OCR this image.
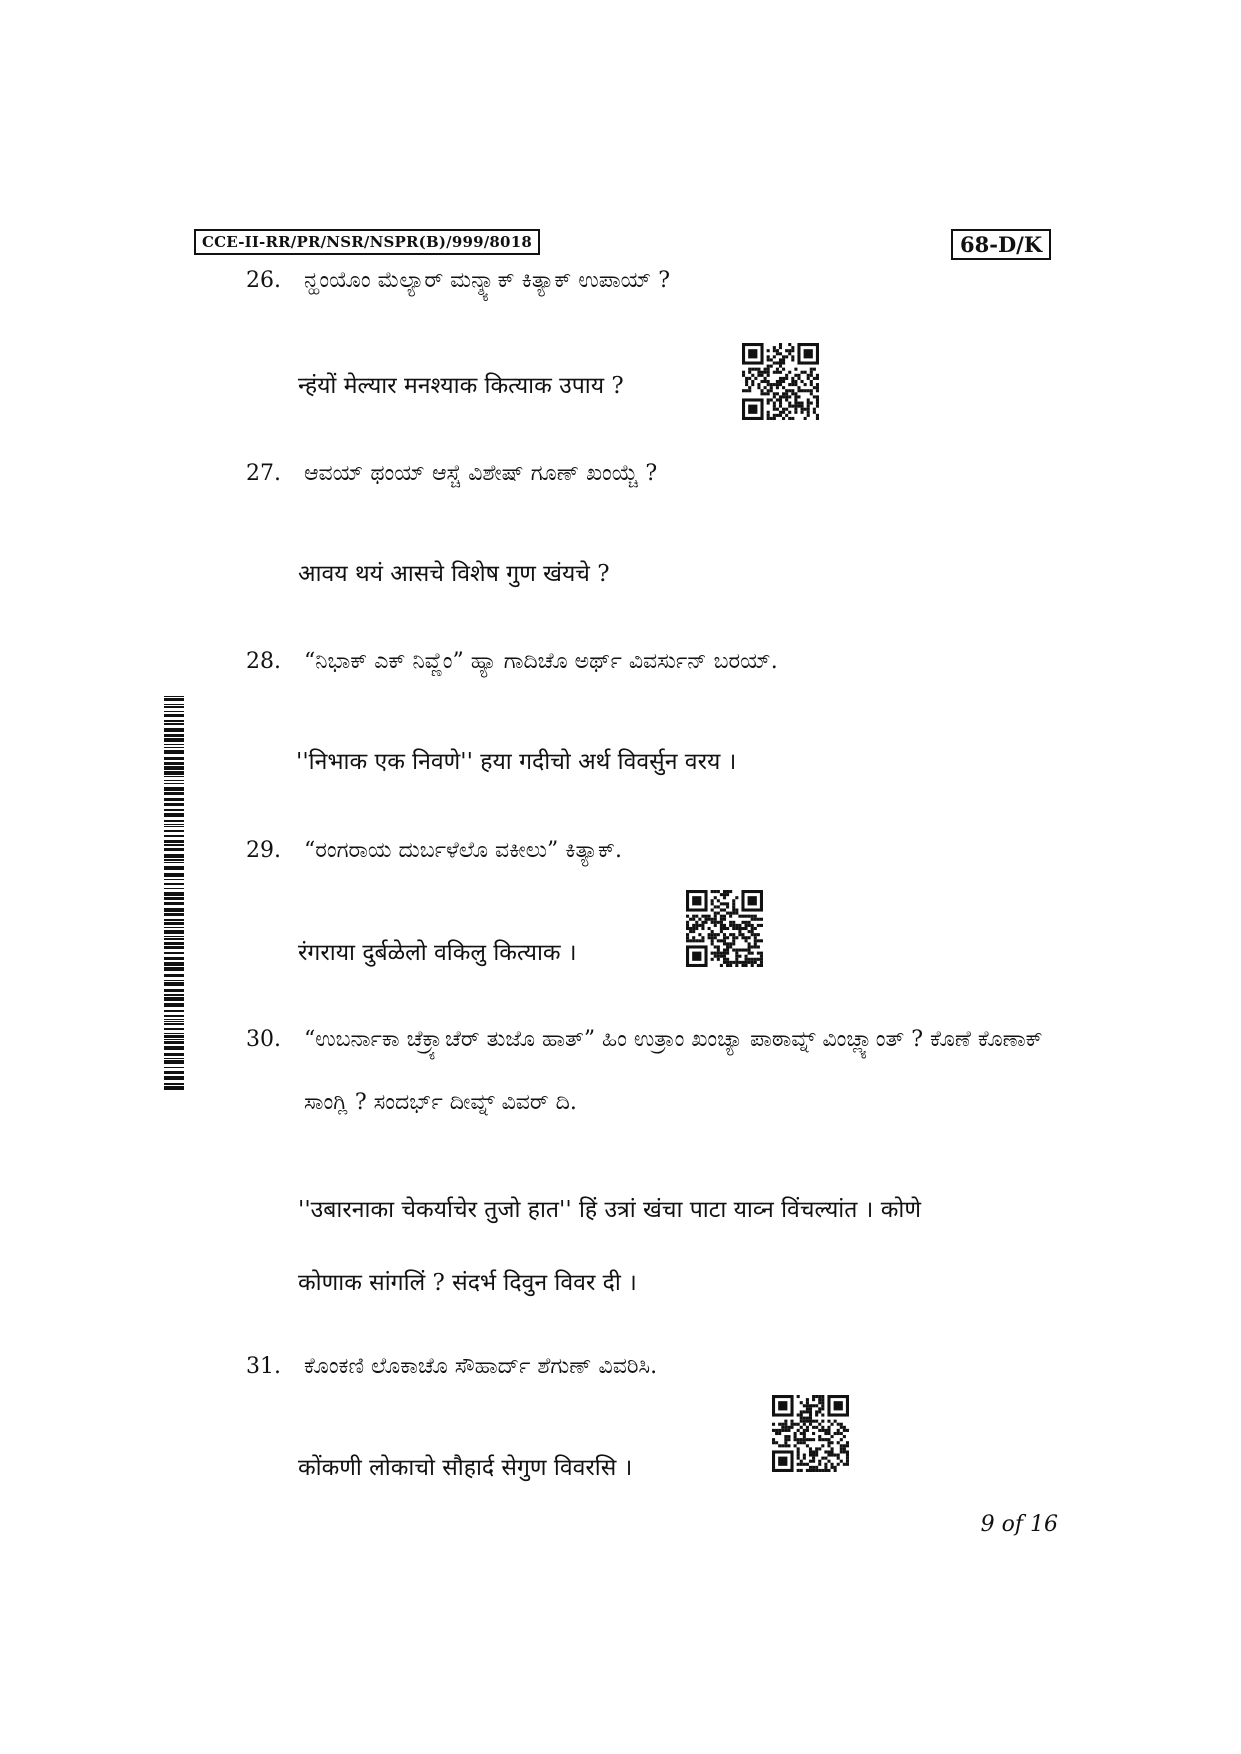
CCE-II-RR/PR/NSR/NSPR(B)/999/8018	68-D/K
26.	ನ್ಹಂಯೊಂ ಮೆಲ್ಯಾರ್ ಮನ್ಶ್ಯಾಕ್ ಕಿತ್ಯಾಕ್ ಉಪಾಯ್ ?
न्हंयों मेल्यार मनश्याक कित्याक उपाय ?
27.	ಆವಯ್ ಥಂಯ್ ಆಸ್ಚೆ ವಿಶೇಷ್ ಗೂಣ್ ಖಂಯ್ಚೆ ?
आवय थयं आसचे विशेष गुण खंयचे ?
28.	“ನಿಭಾಕ್ ಎಕ್ ನಿವ್ಣೆಂ” ಹ್ಯಾ ಗಾದಿಚೊ ಅರ್ಥ್ ವಿವರ್ಸುನ್ ಬರಯ್.
''निभाक एक निवणे'' हया गदीचो अर्थ विवर्सुन वरय ।
29.	“ರಂಗರಾಯ ದುರ್ಬಳೆಲೊ ವಕೀಲು” ಕಿತ್ಯಾಕ್.
रंगराया दुर्बळेलो वकिलु कित्याक ।
30.	“ಉಬರ್ನಾಕಾ ಚೆಕ್ರ್ಯಾಚೆರ್ ತುಜೊ ಹಾತ್” ಹಿಂ ಉತ್ರಾಂ ಖಂಚ್ಯಾ ಪಾಠಾವ್ನ್ ವಿಂಚ್ಲ್ಯಾಂತ್ ? ಕೊಣೆ ಕೊಣಾಕ್ ಸಾಂಗ್ಲಿ ? ಸಂದರ್ಭ್ ದೀವ್ನ್ ವಿವರ್ ದಿ.
''उबारनाका चेकर्याचेर तुजो हात'' हिं उत्रां खंचा पाटा याव्न विंचल्यांत । कोणे
कोणाक सांगलिं ? संदर्भ दिवुन विवर दी ।
31.	ಕೊಂಕಣಿ ಲೊಕಾಚೊ ಸೌಹಾರ್ದ್ ಶೆಗುಣ್ ವಿವರಿಸಿ.
कोंकणी लोकाचो सौहार्द सेगुण विवरसि ।
9 of 16
